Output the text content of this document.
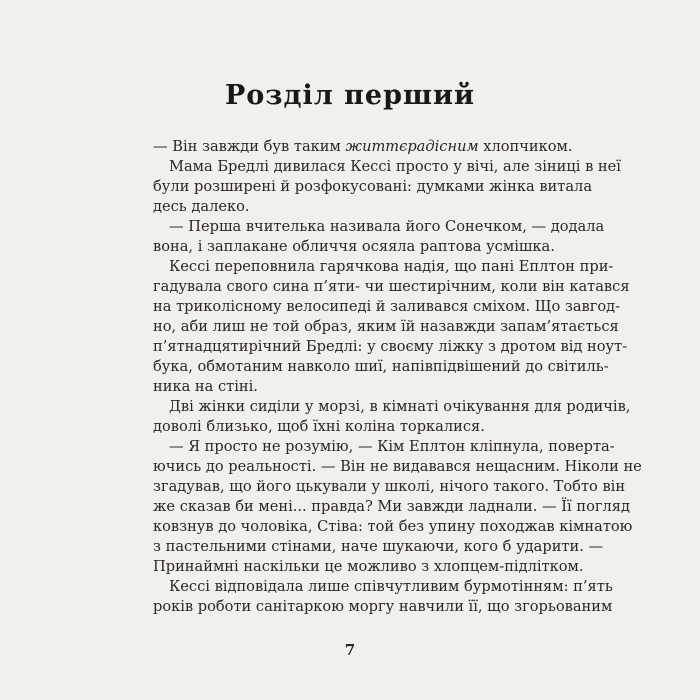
Розділ перший
— Він завжди був таким життєрадісним хлопчиком.
Мама Бредлі дивилася Кессі просто у вічі, але зіниці в неї
були розширені й розфокусовані: думками жінка витала
десь далеко.
— Перша вчителька називала його Сонечком, — додала
вона, і заплакане обличчя осяяла раптова усмішка.
Кессі переповнила гарячкова надія, що пані Еплтон при-
гадувала свого сина п’яти- чи шестирічним, коли він катався
на триколісному велосипеді й заливався сміхом. Що завгод-
но, аби лиш не той образ, яким їй назавжди запам’ятається
п’ятнадцятирічний Бредлі: у своєму ліжку з дротом від ноут-
бука, обмотаним навколо шиї, напівпідвішений до світиль-
ника на стіні.
Дві жінки сиділи у морзі, в кімнаті очікування для родичів,
доволі близько, щоб їхні коліна торкалися.
— Я просто не розумію, — Кім Еплтон кліпнула, поверта-
ючись до реальності. — Він не видавався нещасним. Ніколи не
згадував, що його цькували у школі, нічого такого. Тобто він
же сказав би мені... правда? Ми завжди ладнали. — Її погляд
ковзнув до чоловіка, Стіва: той без упину походжав кімнатою
з пастельними стінами, наче шукаючи, кого б ударити. —
Принаймні наскільки це можливо з хлопцем-підлітком.
Кессі відповідала лише співчутливим бурмотінням: п’ять
років роботи санітаркою моргу навчили її, що згорьованим
7
